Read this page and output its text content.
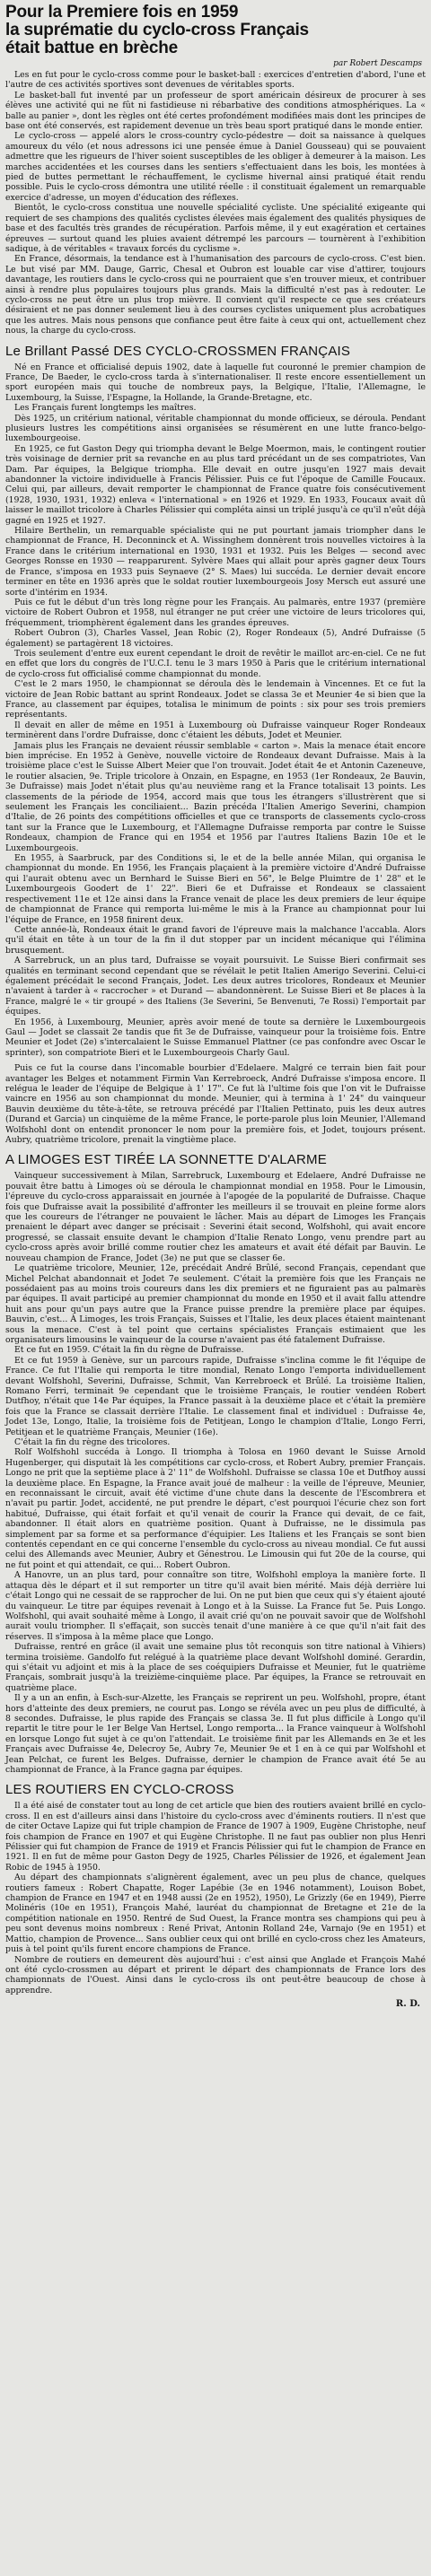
Pour la Premiere fois en 1959
la suprématie du cyclo-cross Français
était battue en brèche
par Robert Descamps

Les en fut pour le cyclo-cross comme pour le basket-ball : exercices d'entretien d'abord, l'une et l'autre de ces activités sportives sont devenues de véritables sports.

Le basket-ball fut inventé par un professeur de sport américain désireux de procurer à ses élèves une activité qui ne fût ni fastidieuse ni rébarbative des conditions atmosphériques. La « balle au panier », dont les règles ont été certes profondément modifiées mais dont les principes de base ont été conservés, est rapidement devenue un très beau sport pratiqué dans le monde entier.

Le cyclo-cross — appelé alors le cross-country cyclo-pédestre — doit sa naissance à quelques amoureux du vélo (et nous adressons ici une pensée émue à Daniel Gousseau) qui se pouvaient admettre que les rigueurs de l'hiver soient susceptibles de les obliger à demeurer à la maison. Les marches accidentées et les courses dans les sentiers s'effectuaient dans les bois, les montées à pied de buttes permettant le réchauffement, le cyclisme hivernal ainsi pratiqué était rendu possible. Puis le cyclo-cross démontra une utilité réelle : il constituait également un remarquable exercice d'adresse, un moyen d'éducation des réflexes.

Bientôt, le cyclo-cross constitua une nouvelle spécialité cycliste. Une spécialité exigeante qui requiert de ses champions des qualités cyclistes élevées mais également des qualités physiques de base et des facultés très grandes de récupération. Parfois même, il y eut exagération et certaines épreuves — surtout quand les pluies avaient détrempé les parcours — tournèrent à l'exhibition sadique, à de véritables « travaux forcés du cyclisme ».

En France, désormais, la tendance est à l'humanisation des parcours de cyclo-cross. C'est bien. Le but visé par MM. Dauge, Garric, Chesal et Oubron est louable car vise d'attirer, toujours davantage, les routiers dans le cyclo-cross qui ne pourraient que s'en trouver mieux, et contribuer ainsi à rendre plus populaires toujours plus grands. Mais la difficulté n'est pas à redouter. Le cyclo-cross ne peut être un plus trop mièvre. Il convient qu'il respecte ce que ses créateurs désiraient et ne pas donner seulement lieu à des courses cyclistes uniquement plus acrobatiques que les autres. Mais nous pensons que confiance peut être faite à ceux qui ont, actuellement chez nous, la charge du cyclo-cross.

Le Brillant Passé DES CYCLO-CROSSMEN FRANÇAIS

Né en France et officialisé depuis 1902, date à laquelle fut couronné le premier champion de France, De Baeder, le cyclo-cross tarda à s'internationaliser. Il reste encore essentiellement un sport européen mais qui touche de nombreux pays, la Belgique, l'Italie, l'Allemagne, le Luxembourg, la Suisse, l'Espagne, la Hollande, la Grande-Bretagne, etc.

Les Français furent longtemps les maîtres.

Dès 1925, un critérium national, véritable championnat du monde officieux, se déroula. Pendant plusieurs lustres les compétitions ainsi organisées se résumèrent en une lutte franco-belgo-luxembourgeoise.

En 1925, ce fut Gaston Degy qui triompha devant le Belge Moermon, mais, le contingent routier très voisinage de dernier prit sa revanche en au plus tard précédant un de ses compatriotes, Van Dam. Par équipes, la Belgique triompha. Elle devait en outre jusqu'en 1927 mais devait abandonner la victoire individuelle à Francis Pélissier. Puis ce fut l'époque de Camille Foucaux. Celui qui, par ailleurs, devait remporter le championnat de France quatre fois consécutivement (1928, 1930, 1931, 1932) enleva « l'international » en 1926 et 1929. En 1933, Foucaux avait dû laisser le maillot tricolore à Charles Pélissier qui compléta ainsi un triplé jusqu'à ce qu'il n'eût déjà gagné en 1925 et 1927.

Hilaire Berthelin, un remarquable spécialiste qui ne put pourtant jamais triompher dans le championnat de France, H. Deconninck et A. Wissinghem donnèrent trois nouvelles victoires à la France dans le critérium international en 1930, 1931 et 1932. Puis les Belges — second avec Georges Ronsse en 1930 — reapparurent. Sylvère Maes qui allait pour après gagner deux Tours de France, s'imposa en 1933 puis Seynaeve (2° S. Maes) lui succéda. Le dernier devait encore terminer en tête en 1936 après que le soldat routier luxembourgeois Josy Mersch eut assuré une sorte d'intérim en 1934.

Puis ce fut le début d'un très long règne pour les Français. Au palmarès, entre 1937 (première victoire de Robert Oubron et 1958, nul étranger ne put créer une victoire de leurs tricolores qui, fréquemment, triomphèrent également dans les grandes épreuves.

Robert Oubron (3), Charles Vassel, Jean Robic (2), Roger Rondeaux (5), André Dufraisse (5 également) se partagèrent 18 victoires.

Trois seulement d'entre eux eurent cependant le droit de revêtir le maillot arc-en-ciel. Ce ne fut en effet que lors du congrès de l'U.C.I. tenu le 3 mars 1950 à Paris que le critérium international de cyclo-cross fut officialisé comme championnat du monde.

C'est le 2 mars 1950, le championnat se déroula dès le lendemain à Vincennes. Et ce fut la victoire de Jean Robic battant au sprint Rondeaux. Jodet se classa 3e et Meunier 4e si bien que la France, au classement par équipes, totalisa le minimum de points : six pour ses trois premiers représentants.

Il devait en aller de même en 1951 à Luxembourg où Dufraisse vainqueur Roger Rondeaux terminèrent dans l'ordre Dufraisse, donc c'étaient les débuts, Jodet et Meunier.

Jamais plus les Français ne devaient réussir semblable « carton ». Mais la menace était encore bien imprécise. En 1952 à Genève, nouvelle victoire de Rondeaux devant Dufraisse. Mais à la troisième place c'est le Suisse Albert Meier que l'on trouvait. Jodet était 4e et Antonin Cazeneuve, le routier alsacien, 9e. Triple tricolore à Onzain, en Espagne, en 1953 (1er Rondeaux, 2e Bauvin, 3e Dufraisse) mais Jodet n'était plus qu'au neuvième rang et la France totalisait 13 points. Les classements de la période de 1954, accord mais que tous les étrangers s'illustrèrent que si seulement les Français les conciliaient... Bazin précéda l'Italien Amerigo Severini, champion d'Italie, de 26 points des compétitions officielles et que ce transports de classements cyclo-cross tant sur la France que le Luxembourg, et l'Allemagne Dufraisse remporta par contre le Suisse Rondeaux, champion de France qui en 1954 et 1956 par l'autres Italiens Bazin 10e et le Luxembourgeois.

En 1955, à Saarbruck, par des Conditions si, le et de la belle année Milan, qui organisa le championnat du monde. En 1956, les Français plaçaient à la première victoire d'André Dufraisse qui l'aurait obtenu avec un Bernhard le Suisse Bieri en 56", le Belge Pluimtre de 1' 28" et le Luxembourgeois Goodert de 1' 22". Bieri 6e et Dufraisse et Rondeaux se classaient respectivement 11e et 12e ainsi dans la France venait de place les deux premiers de leur équipe de championnat de France qui remporta lui-même le mis à la France au championnat pour lui l'équipe de France, en 1958 finirent deux.

Cette année-là, Rondeaux était le grand favori de l'épreuve mais la malchance l'accabla. Alors qu'il était en tête à un tour de la fin il dut stopper par un incident mécanique qui l'élimina brusquement.

A Sarrebruck, un an plus tard, Dufraisse se voyait poursuivit. Le Suisse Bieri confirmait ses qualités en terminant second cependant que se révélait le petit Italien Amerigo Severini. Celui-ci également précédait le second Français, Jodet. Les deux autres tricolores, Rondeaux et Meunier n'avaient à tarder à « raccrocher » et Durand — abandonnèrent. Le Suisse Bieri et 8e places à la France, malgré le « tir groupé » des Italiens (3e Severini, 5e Benvenuti, 7e Rossi) l'emportait par équipes.

En 1956, à Luxembourg, Meunier, après avoir mené de toute sa dernière le Luxembourgeois Gaul — Jodet se classait 2e tandis que fit 3e de Dufraisse, vainqueur pour la troisième fois. Entre Meunier et Jodet (2e) s'intercalaient le Suisse Emmanuel Plattner (ce pas confondre avec Oscar le sprinter), son compatriote Bieri et le Luxembourgeois Charly Gaul.

Puis ce fut la course dans l'incomable bourbier d'Edelaere. Malgré ce terrain bien fait pour avantager les Belges et notamment Firmin Van Kerrebroeck, André Dufraisse s'imposa encore. Il relégua le leader de l'équipe de Belgique à 1' 17". Ce fut là l'ultime fois que l'on vit le Dufraisse vaincre en 1956 au son championnat du monde. Meunier, qui à termina à 1' 24" du vainqueur Bauvin deuxième du tête-à-tête, se retrouva précédé par l'Italien Pettinato, puis les deux autres (Durand et Garcia) un cinquième de la même France, le porte-parole plus loin Meunier, l'Allemand Wolfshohl dont on entendit prononcer le nom pour la première fois, et Jodet, toujours présent. Aubry, quatrième tricolore, prenait la vingtième place.

A LIMOGES EST TIRÉE LA SONNETTE D'ALARME

Vainqueur successivement à Milan, Sarrebruck, Luxembourg et Edelaere, André Dufraisse ne pouvait être battu à Limoges où se déroula le championnat mondial en 1958. Pour le Limousin, l'épreuve du cyclo-cross apparaissait en journée à l'apogée de la popularité de Dufraisse. Chaque fois que Dufraisse avait la possibilité d'affronter les meilleurs il se trouvait en pleine forme alors que les coureurs de l'étranger ne pouvaient le lâcher. Mais au départ de Limoges les Français prenaient le départ avec danger se précisait : Severini était second, Wolfshohl, qui avait encore progressé, se classait ensuite devant le champion d'Italie Renato Longo, venu prendre part au cyclo-cross après avoir brillé comme routier chez les amateurs et avait été défait par Bauvin. Le nouveau champion de France, Jodet (3e) ne put que se classer 6e.

Le quatrième tricolore, Meunier, 12e, précédait André Brûlé, second Français, cependant que Michel Pelchat abandonnait et Jodet 7e seulement. C'était la première fois que les Français ne possédaient pas au moins trois coureurs dans les dix premiers et ne figuraient pas au palmarès par équipes. Il avait participé au premier championnat du monde en 1950 et il avait fallu attendre huit ans pour qu'un pays autre que la France puisse prendre la première place par équipes. Bauvin, c'est... À Limoges, les trois Français, Suisses et l'Italie, les deux places étaient maintenant sous la menace. C'est à tel point que certains spécialistes Français estimaient que les organisateurs limousins le vainqueur de la course n'avaient pas été fatalement Dufraisse.

Et ce fut en 1959. C'était la fin du règne de Dufraisse.

Et ce fut 1959 à Genève, sur un parcours rapide, Dufraisse s'inclina comme le fit l'équipe de France. Ce fut l'Italie qui remporta le titre mondial, Renato Longo l'emporta individuellement devant Wolfshohl, Severini, Dufraisse, Schmit, Van Kerrebroeck et Brûlé. La troisième Italien, Romano Ferri, terminait 9e cependant que le troisième Français, le routier vendéen Robert Dutfhoy, n'était que 14e Par équipes, la France passait à la deuxième place et c'était la première fois que la France se classait derrière l'Italie. Le classement final et individuel : Dufraisse 4e, Jodet 13e, Longo, Italie, la troisième fois de Petitjean, Longo le champion d'Italie, Longo Ferri, Petitjean et le quatrième Français, Meunier (16e).

C'était la fin du règne des tricolores.

Rolf Wolfshohl succéda à Longo. Il triompha à Tolosa en 1960 devant le Suisse Arnold Hugenberger, qui disputait là les compétitions car cyclo-cross, et Robert Aubry, premier Français. Longo ne prit que la septième place à 2' 11" de Wolfshohl. Dufraisse se classa 10e et Dutfhoy aussi la deuxième place. En Espagne, la France avait joué de malheur : la veille de l'épreuve, Meunier, en reconnaissant le circuit, avait été victime d'une chute dans la descente de l'Escombrera et n'avait pu partir. Jodet, accidenté, ne put prendre le départ, c'est pourquoi l'écurie chez son fort habitué, Dufraisse, qui était forfait et qu'il venait de courir la France qui devait, de ce fait, abandonner. Il était alors en quatrième position. Quant à Dufraisse, ne le dissimula pas simplement par sa forme et sa performance d'équipier. Les Italiens et les Français se sont bien contentés cependant en ce qui concerne l'ensemble du cyclo-cross au niveau mondial. Ce fut aussi celui des Allemands avec Meunier, Aubry et Génestrou. Le Limousin qui fut 20e de la course, qui ne fut point et qui attendait, ce qui... Robert Oubron.

A Hanovre, un an plus tard, pour connaître son titre, Wolfshohl employa la manière forte. Il attaqua dès le départ et il sut remporter un titre qu'il avait bien mérité. Mais déjà derrière lui c'était Longo qui ne cessait de se rapprocher de lui. On ne put bien que ceux qui s'y étaient ajouté du vainqueur. Le titre par équipes revenait à Longo et à la Suisse. La France fut 5e. Puis Longo. Wolfshohl, qui avait souhaité même à Longo, il avait crié qu'on ne pouvait savoir que de Wolfshohl aurait voulu triompher. Il s'effaçait, son succès tenait d'une manière à ce que qu'il n'ait fait des réserves. Il s'imposa à la même place que Longo.

Dufraisse, rentré en grâce (il avait une semaine plus tôt reconquis son titre national à Vihiers) termina troisième. Gandolfo fut relégué à la quatrième place devant Wolfshohl dominé. Gerardin, qui s'était vu adjoint et mis à la place de ses coéquipiers Dufraisse et Meunier, fut le quatrième Français, sombrait jusqu'à la treizième-cinquième place. Par équipes, la France se retrouvait en quatrième place.

Il y a un an enfin, à Esch-sur-Alzette, les Français se reprirent un peu. Wolfshohl, propre, étant hors d'atteinte des deux premiers, ne courut pas. Longo se révéla avec un peu plus de difficulté, à 8 secondes. Dufraisse, le plus rapide des Français se classa 3e. Il fut plus difficile à Longo qu'il repartit le titre pour le 1er Belge Van Hertsel, Longo remporta... la France vainqueur à Wolfshohl en lorsque Longo fut sujet à ce qu'on l'attendait. Le troisième finit par les Allemands en 3e et les Français avec Dufraisse 4e, Delecroy 5e, Aubry 7e, Meunier 9e et 1 en à ce qui par Wolfshohl et Jean Pelchat, ce furent les Belges. Dufraisse, dernier le champion de France avait été 5e au championnat de France, à la France gagna par équipes.

LES ROUTIERS EN CYCLO-CROSS

Il a été aisé de constater tout au long de cet article que bien des routiers avaient brillé en cyclo-cross. Il en est d'ailleurs ainsi dans l'histoire du cyclo-cross avec d'éminents routiers. Il n'est que de citer Octave Lapize qui fut triple champion de France de 1907 à 1909, Eugène Christophe, neuf fois champion de France en 1907 et qui Eugène Christophe. Il ne faut pas oublier non plus Henri Pélissier qui fut champion de France de 1919 et Francis Pélissier qui fut le champion de France en 1921. Il en fut de même pour Gaston Degy de 1925, Charles Pélissier de 1926, et également Jean Robic de 1945 à 1950.

Au départ des championnats s'alignèrent également, avec un peu plus de chance, quelques routiers fameux : Robert Chapatte, Roger Lapébie (3e en 1946 notamment), Louison Bobet, champion de France en 1947 et en 1948 aussi (2e en 1952), 1950), Le Grizzly (6e en 1949), Pierre Molinéris (10e en 1951), François Mahé, lauréat du championnat de Bretagne et 21e de la compétition nationale en 1950. Rentré de Sud Ouest, la France montra ses champions qui peu à peu sont devenus moins nombreux : René Privat, Antonin Rolland 24e, Varnajo (9e en 1951) et Mattio, champion de Provence... Sans oublier ceux qui ont brillé en cyclo-cross chez les Amateurs, puis à tel point qu'ils furent encore champions de France.

Nombre de routiers en demeurent dès aujourd'hui : c'est ainsi que Anglade et François Mahé ont été cyclo-crossmen au départ et prirent le départ des championnats de France lors des championnats de l'Ouest. Ainsi dans le cyclo-cross ils ont peut-être beaucoup de chose à apprendre.

R. D.
